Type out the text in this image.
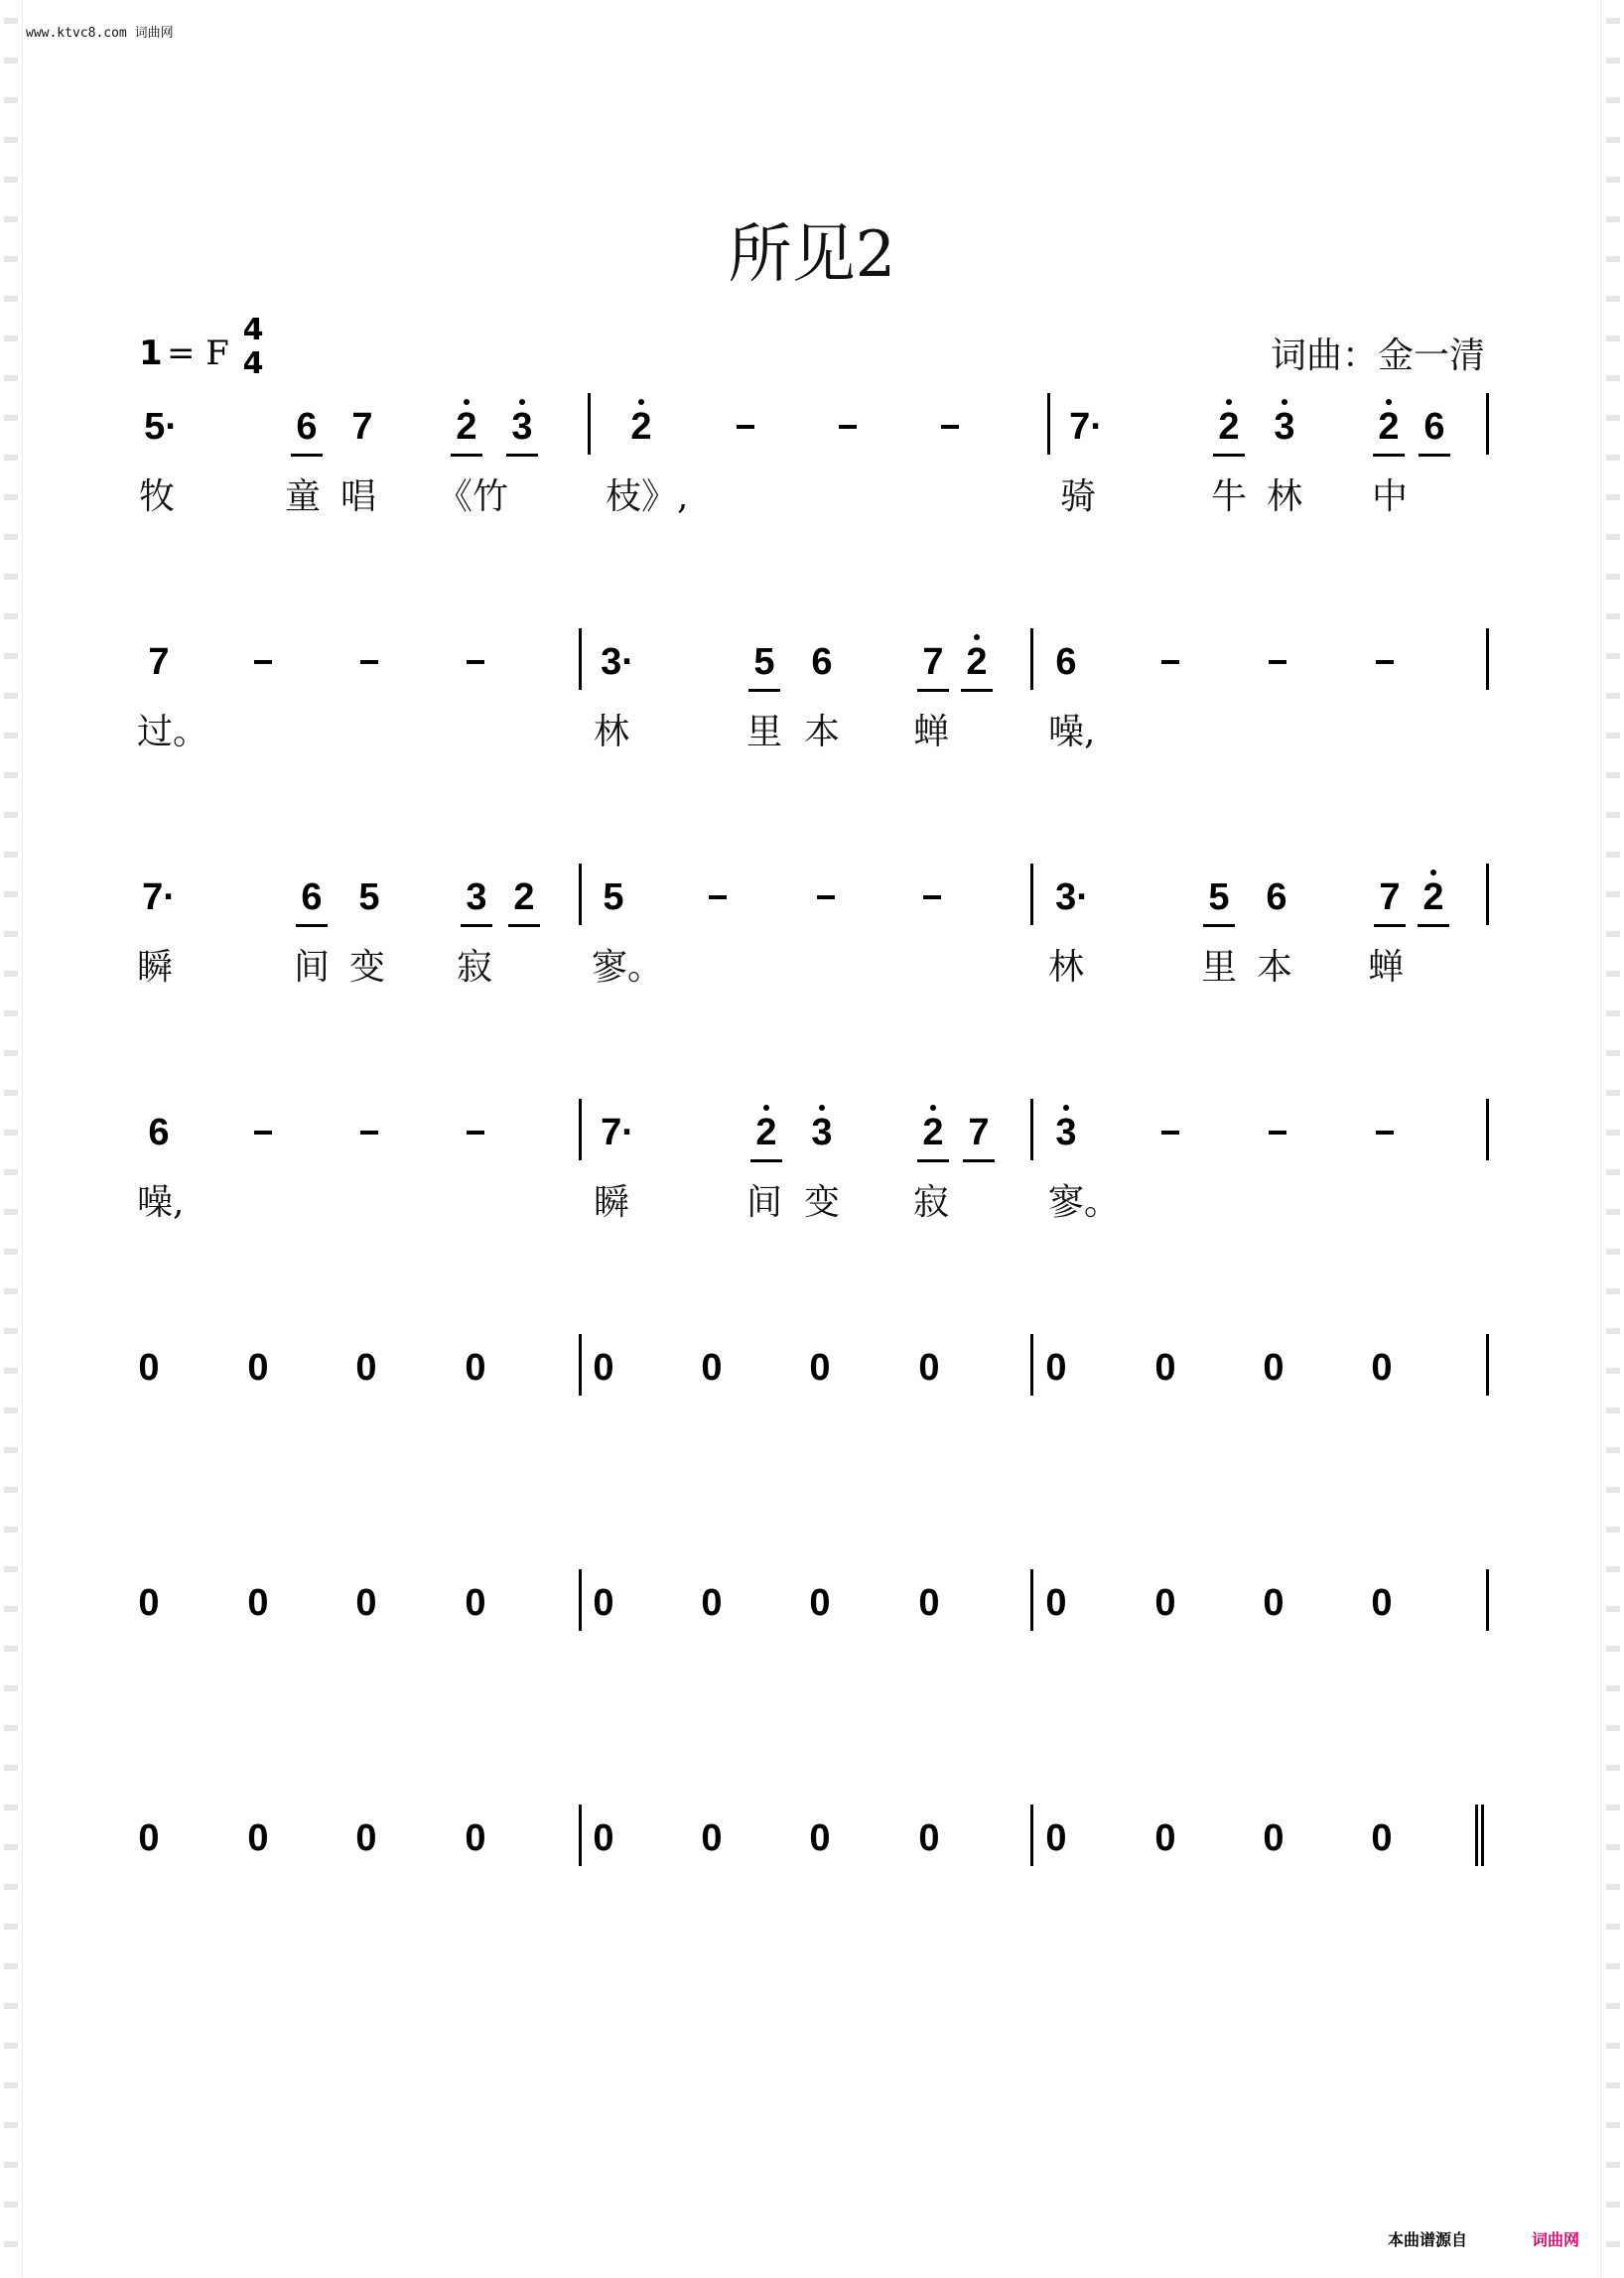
www.ktvc8.com 词曲网
所见2
1 = F
4
4	词曲：金一清
5·	6 7	2 3	2	7·	2 3	2 6
牧	童 唱 《竹	枝》,	骑	牛 林 中
7	3·	5 6	7 2	6
过。	林	里 本 蝉	噪,
7·	6 5	3 2	5	3·	5 6	7 2
瞬	间 变 寂	寥。	林	里 本 蝉
6	7·	2 3	2 7	3
噪,	瞬	间 变 寂	寥。
0	0	0	0	0	0	0	0	0	0	0	0
0	0	0	0	0	0	0	0	0	0	0	0
0	0	0	0	0	0	0	0	0	0	0	0
本曲谱源自	词曲网
